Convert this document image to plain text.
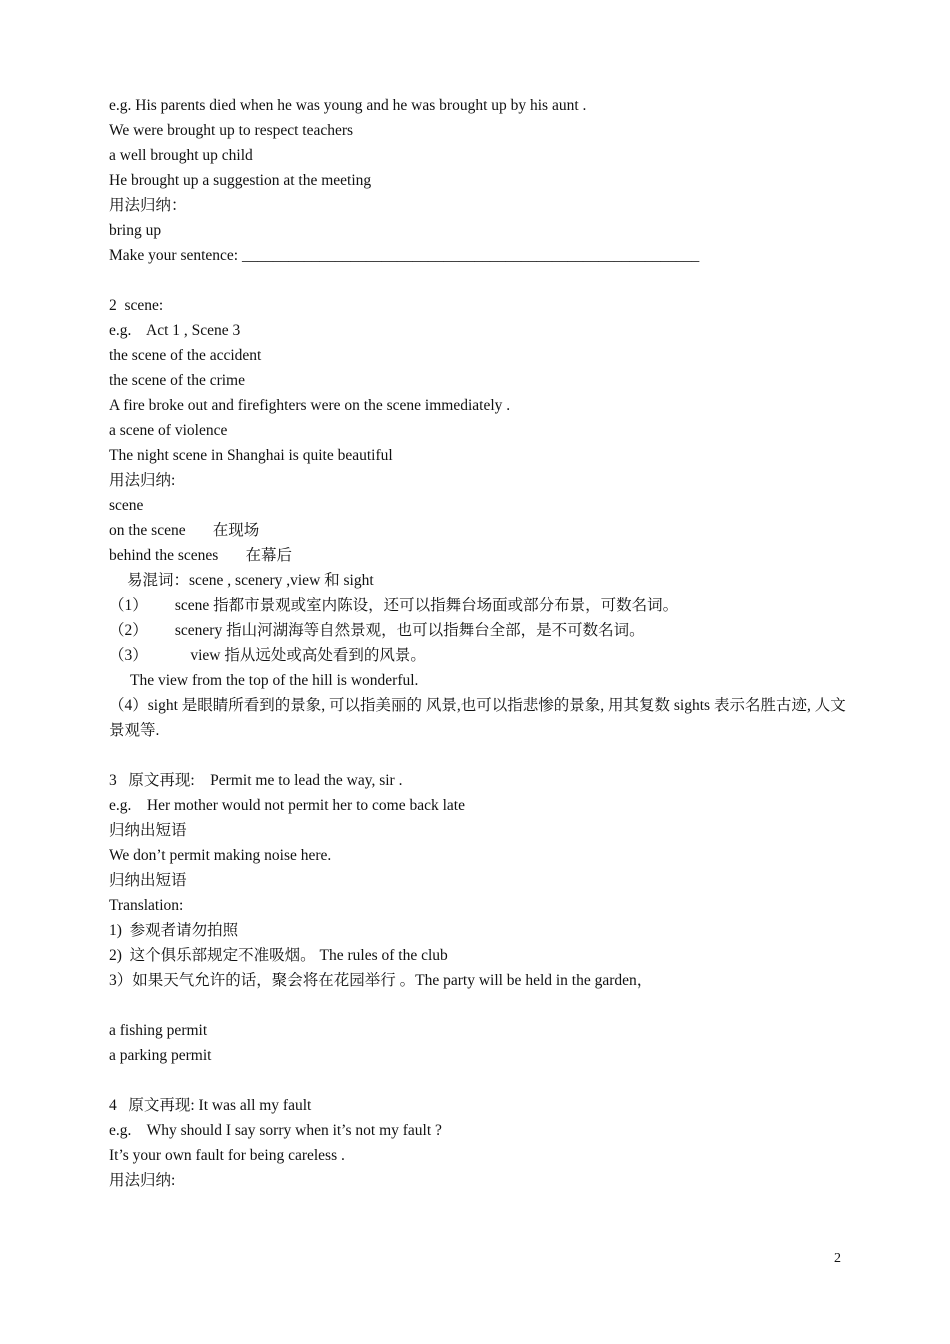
e.g. His parents died when he was young and he was brought up by his aunt .
We were brought up to respect teachers
a well brought up child
He brought up a suggestion at the meeting
用法归纳：
bring up
Make your sentence: ___________________________________________________________
2  scene:
e.g.    Act 1 , Scene 3
the scene of the accident
the scene of the crime
A fire broke out and firefighters were on the scene immediately .
a scene of violence
The night scene in Shanghai is quite beautiful
用法归纳:
scene
on the scene       在现场
behind the scenes       在幕后
易混词：scene , scenery ,view 和 sight
（1）       scene 指都市景观或室内陈设，还可以指舞台场面或部分布景，可数名词。
（2）       scenery 指山河湖海等自然景观，也可以指舞台全部，是不可数名词。
（3）           view 指从远处或高处看到的风景。
The view from the top of the hill is wonderful.
（4）sight 是眼睛所看到的景象, 可以指美丽的 风景,也可以指悲惨的景象, 用其复数 sights 表示名胜古迹, 人文景观等.
3   原文再现:    Permit me to lead the way, sir .
e.g.    Her mother would not permit her to come back late
归纳出短语
We don’t permit making noise here.
归纳出短语
Translation:
1)  参观者请勿拍照
2)  这个俱乐部规定不准吸烟。 The rules of the club
3）如果天气允许的话，聚会将在花园举行 。The party will be held in the garden，
a fishing permit
a parking permit
4   原文再现: It was all my fault
e.g.    Why should I say sorry when it’s not my fault ?
It’s your own fault for being careless .
用法归纳:
2
